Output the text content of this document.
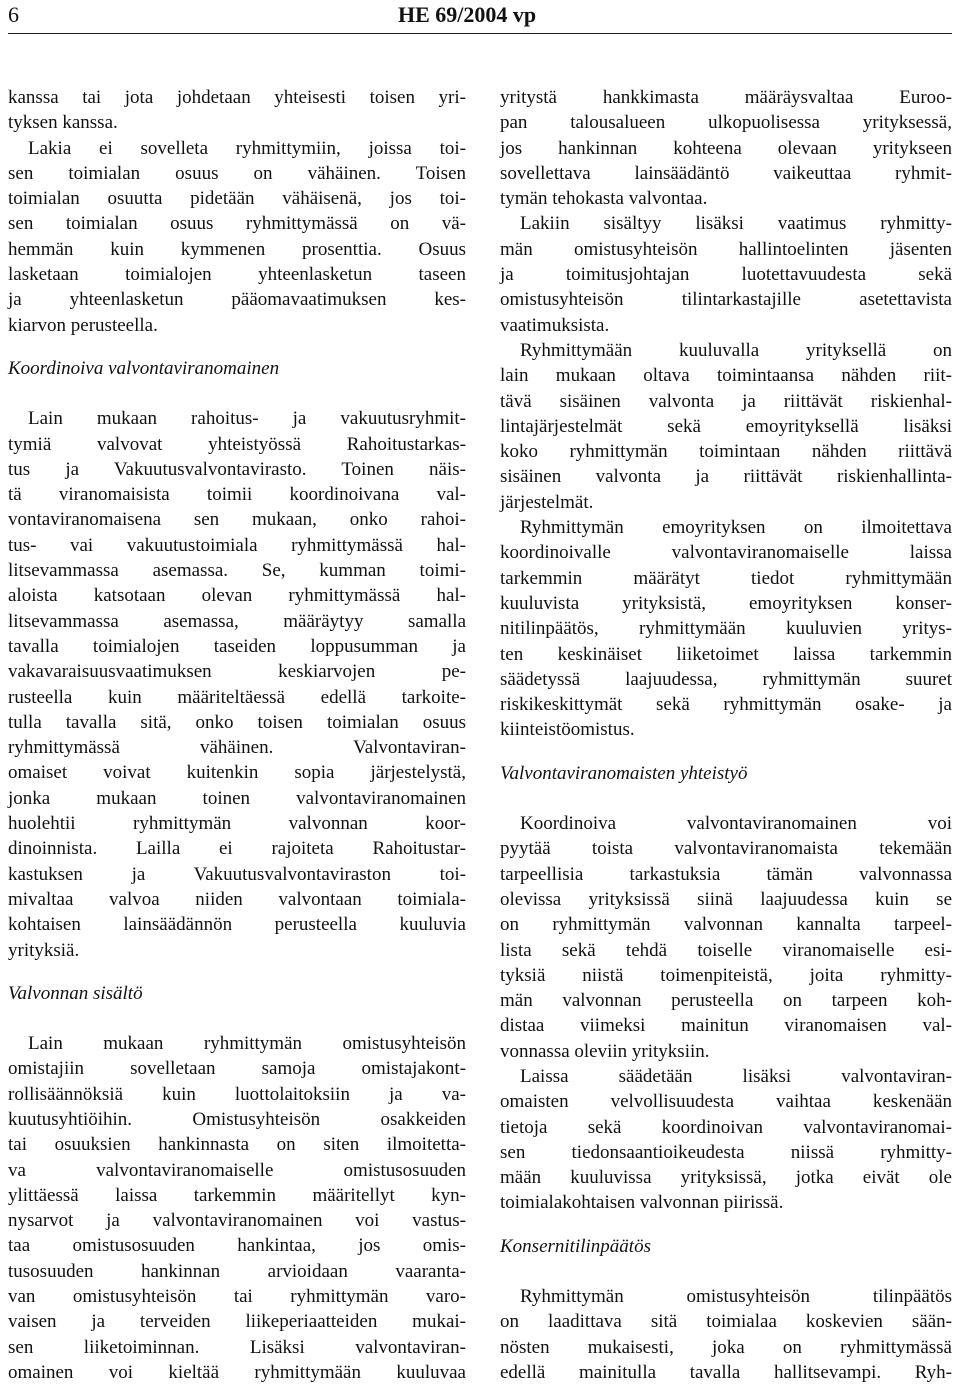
6	HE 69/2004 vp
kanssa tai jota johdetaan yhteisesti toisen yri-
tyksen kanssa.
Lakia ei sovelleta ryhmittymiin, joissa toi-
sen toimialan osuus on vähäinen. Toisen
toimialan osuutta pidetään vähäisenä, jos toi-
sen toimialan osuus ryhmittymässä on vä-
hemmän kuin kymmenen prosenttia. Osuus
lasketaan toimialojen yhteenlasketun taseen
ja yhteenlasketun pääomavaatimuksen kes-
kiarvon perusteella.
Koordinoiva valvontaviranomainen
Lain mukaan rahoitus- ja vakuutusryhmit-
tymiä valvovat yhteistyössä Rahoitustarkas-
tus ja Vakuutusvalvontavirasto. Toinen näis-
tä viranomaisista toimii koordinoivana val-
vontaviranomaisena sen mukaan, onko rahoi-
tus- vai vakuutustoimiala ryhmittymässä hal-
litsevammassa asemassa. Se, kumman toimi-
aloista katsotaan olevan ryhmittymässä hal-
litsevammassa asemassa, määräytyy samalla
tavalla toimialojen taseiden loppusumman ja
vakavaraisuusvaatimuksen keskiarvojen pe-
rusteella kuin määriteltäessä edellä tarkoite-
tulla tavalla sitä, onko toisen toimialan osuus
ryhmittymässä vähäinen. Valvontaviran-
omaiset voivat kuitenkin sopia järjestelystä,
jonka mukaan toinen valvontaviranomainen
huolehtii ryhmittymän valvonnan koor-
dinoinnista. Lailla ei rajoiteta Rahoitustar-
kastuksen ja Vakuutusvalvontaviraston toi-
mivaltaa valvoa niiden valvontaan toimiala-
kohtaisen lainsäädännön perusteella kuuluvia
yrityksiä.
Valvonnan sisältö
Lain mukaan ryhmittymän omistusyhteisön
omistajiin sovelletaan samoja omistajakont-
rollisäännöksiä kuin luottolaitoksiin ja va-
kuutusyhtiöihin. Omistusyhteisön osakkeiden
tai osuuksien hankinnasta on siten ilmoitetta-
va valvontaviranomaiselle omistusosuuden
ylittäessä laissa tarkemmin määritellyt kyn-
nysarvot ja valvontaviranomainen voi vastus-
taa omistusosuuden hankintaa, jos omis-
tusosuuden hankinnan arvioidaan vaaranta-
van omistusyhteisön tai ryhmittymän varo-
vaisen ja terveiden liikeperiaatteiden mukai-
sen liiketoiminnan. Lisäksi valvontaviran-
omainen voi kieltää ryhmittymään kuuluvaa
yritystä hankkimasta määräysvaltaa Euroo-
pan talousalueen ulkopuolisessa yrityksessä,
jos hankinnan kohteena olevaan yritykseen
sovellettava lainsäädäntö vaikeuttaa ryhmit-
tymän tehokasta valvontaa.
Lakiin sisältyy lisäksi vaatimus ryhmitty-
män omistusyhteisön hallintoelinten jäsenten
ja toimitusjohtajan luotettavuudesta sekä
omistusyhteisön tilintarkastajille asetettavista
vaatimuksista.
Ryhmittymään kuuluvalla yrityksellä on
lain mukaan oltava toimintaansa nähden riit-
tävä sisäinen valvonta ja riittävät riskienhal-
lintajärjestelmät sekä emoyrityksellä lisäksi
koko ryhmittymän toimintaan nähden riittävä
sisäinen valvonta ja riittävät riskienhallinta-
järjestelmät.
Ryhmittymän emoyrityksen on ilmoitettava
koordinoivalle valvontaviranomaiselle laissa
tarkemmin määrätyt tiedot ryhmittymään
kuuluvista yrityksistä, emoyrityksen konser-
nitilinpäätös, ryhmittymään kuuluvien yritys-
ten keskinäiset liiketoimet laissa tarkemmin
säädetyssä laajuudessa, ryhmittymän suuret
riskikeskittymät sekä ryhmittymän osake- ja
kiinteistöomistus.
Valvontaviranomaisten yhteistyö
Koordinoiva valvontaviranomainen voi
pyytää toista valvontaviranomaista tekemään
tarpeellisia tarkastuksia tämän valvonnassa
olevissa yrityksissä siinä laajuudessa kuin se
on ryhmittymän valvonnan kannalta tarpeel-
lista sekä tehdä toiselle viranomaiselle esi-
tyksiä niistä toimenpiteistä, joita ryhmitty-
män valvonnan perusteella on tarpeen koh-
distaa viimeksi mainitun viranomaisen val-
vonnassa oleviin yrityksiin.
Laissa säädetään lisäksi valvontaviran-
omaisten velvollisuudesta vaihtaa keskenään
tietoja sekä koordinoivan valvontaviranomai-
sen tiedonsaantioikeudesta niissä ryhmitty-
mään kuuluvissa yrityksissä, jotka eivät ole
toimialakohtaisen valvonnan piirissä.
Konsernitilinpäätös
Ryhmittymän omistusyhteisön tilinpäätös
on laadittava sitä toimialaa koskevien sään-
nösten mukaisesti, joka on ryhmittymässä
edellä mainitulla tavalla hallitsevampi. Ryh-
